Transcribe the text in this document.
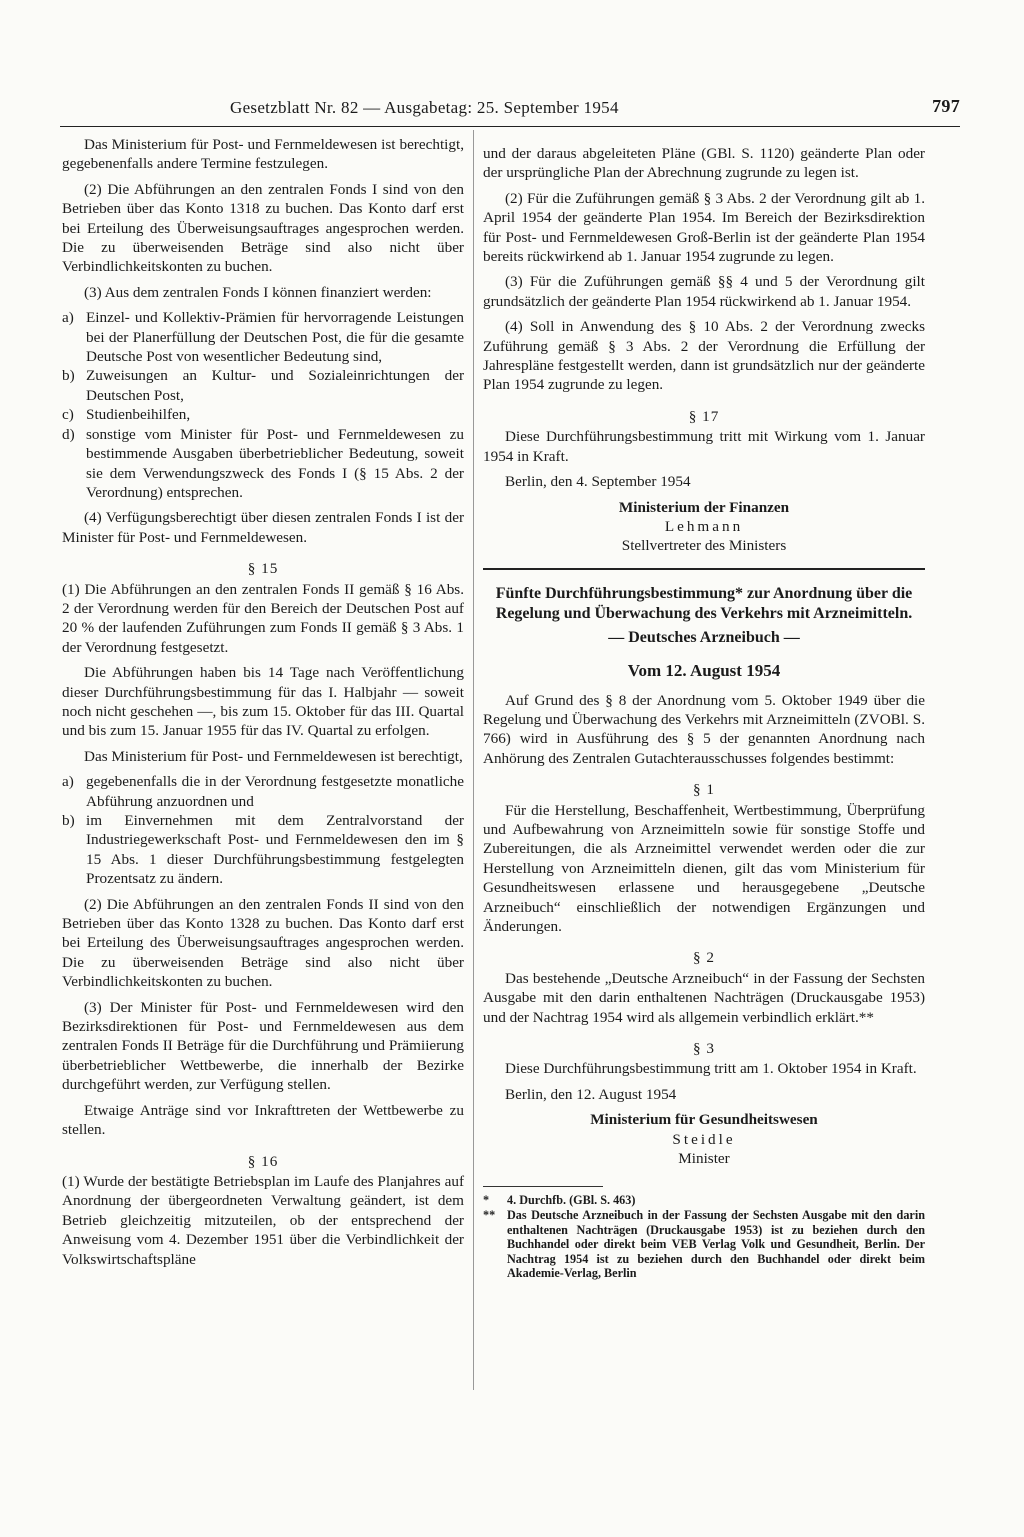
Gesetzblatt Nr. 82 — Ausgabetag: 25. September 1954	797

Das Ministerium für Post- und Fernmeldewesen ist berechtigt, gegebenenfalls andere Termine festzulegen.

(2) Die Abführungen an den zentralen Fonds I sind von den Betrieben über das Konto 1318 zu buchen. Das Konto darf erst bei Erteilung des Überweisungsauftrages angesprochen werden. Die zu überweisenden Beträge sind also nicht über Verbindlichkeitskonten zu buchen.

(3) Aus dem zentralen Fonds I können finanziert werden:

a) Einzel- und Kollektiv-Prämien für hervorragende Leistungen bei der Planerfüllung der Deutschen Post, die für die gesamte Deutsche Post von wesentlicher Bedeutung sind,
b) Zuweisungen an Kultur- und Sozialeinrichtungen der Deutschen Post,
c) Studienbeihilfen,
d) sonstige vom Minister für Post- und Fernmeldewesen zu bestimmende Ausgaben überbetrieblicher Bedeutung, soweit sie dem Verwendungszweck des Fonds I (§ 15 Abs. 2 der Verordnung) entsprechen.

(4) Verfügungsberechtigt über diesen zentralen Fonds I ist der Minister für Post- und Fernmeldewesen.

§ 15

(1) Die Abführungen an den zentralen Fonds II gemäß § 16 Abs. 2 der Verordnung werden für den Bereich der Deutschen Post auf 20 % der laufenden Zuführungen zum Fonds II gemäß § 3 Abs. 1 der Verordnung festgesetzt.

Die Abführungen haben bis 14 Tage nach Veröffentlichung dieser Durchführungsbestimmung für das I. Halbjahr — soweit noch nicht geschehen —, bis zum 15. Oktober für das III. Quartal und bis zum 15. Januar 1955 für das IV. Quartal zu erfolgen.

Das Ministerium für Post- und Fernmeldewesen ist berechtigt,

a) gegebenenfalls die in der Verordnung festgesetzte monatliche Abführung anzuordnen und
b) im Einvernehmen mit dem Zentralvorstand der Industriegewerkschaft Post- und Fernmeldewesen den im § 15 Abs. 1 dieser Durchführungsbestimmung festgelegten Prozentsatz zu ändern.

(2) Die Abführungen an den zentralen Fonds II sind von den Betrieben über das Konto 1328 zu buchen. Das Konto darf erst bei Erteilung des Überweisungsauftrages angesprochen werden. Die zu überweisenden Beträge sind also nicht über Verbindlichkeitskonten zu buchen.

(3) Der Minister für Post- und Fernmeldewesen wird den Bezirksdirektionen für Post- und Fernmeldewesen aus dem zentralen Fonds II Beträge für die Durchführung und Prämiierung überbetrieblicher Wettbewerbe, die innerhalb der Bezirke durchgeführt werden, zur Verfügung stellen.

Etwaige Anträge sind vor Inkrafttreten der Wettbewerbe zu stellen.

§ 16

(1) Wurde der bestätigte Betriebsplan im Laufe des Planjahres auf Anordnung der übergeordneten Verwaltung geändert, ist dem Betrieb gleichzeitig mitzuteilen, ob der entsprechend der Anweisung vom 4. Dezember 1951 über die Verbindlichkeit der Volkswirtschaftspläne

und der daraus abgeleiteten Pläne (GBl. S. 1120) geänderte Plan oder der ursprüngliche Plan der Abrechnung zugrunde zu legen ist.

(2) Für die Zuführungen gemäß § 3 Abs. 2 der Verordnung gilt ab 1. April 1954 der geänderte Plan 1954. Im Bereich der Bezirksdirektion für Post- und Fernmeldewesen Groß-Berlin ist der geänderte Plan 1954 bereits rückwirkend ab 1. Januar 1954 zugrunde zu legen.

(3) Für die Zuführungen gemäß §§ 4 und 5 der Verordnung gilt grundsätzlich der geänderte Plan 1954 rückwirkend ab 1. Januar 1954.

(4) Soll in Anwendung des § 10 Abs. 2 der Verordnung zwecks Zuführung gemäß § 3 Abs. 2 der Verordnung die Erfüllung der Jahrespläne festgestellt werden, dann ist grundsätzlich nur der geänderte Plan 1954 zugrunde zu legen.

§ 17

Diese Durchführungsbestimmung tritt mit Wirkung vom 1. Januar 1954 in Kraft.

Berlin, den 4. September 1954

Ministerium der Finanzen

Lehmann

Stellvertreter des Ministers

Fünfte Durchführungsbestimmung* zur Anordnung über die Regelung und Überwachung des Verkehrs mit Arzneimitteln.

— Deutsches Arzneibuch —

Vom 12. August 1954

Auf Grund des § 8 der Anordnung vom 5. Oktober 1949 über die Regelung und Überwachung des Verkehrs mit Arzneimitteln (ZVOBl. S. 766) wird in Ausführung des § 5 der genannten Anordnung nach Anhörung des Zentralen Gutachterausschusses folgendes bestimmt:

§ 1

Für die Herstellung, Beschaffenheit, Wertbestimmung, Überprüfung und Aufbewahrung von Arzneimitteln sowie für sonstige Stoffe und Zubereitungen, die als Arzneimittel verwendet werden oder die zur Herstellung von Arzneimitteln dienen, gilt das vom Ministerium für Gesundheitswesen erlassene und herausgegebene „Deutsche Arzneibuch“ einschließlich der notwendigen Ergänzungen und Änderungen.

§ 2

Das bestehende „Deutsche Arzneibuch“ in der Fassung der Sechsten Ausgabe mit den darin enthaltenen Nachträgen (Druckausgabe 1953) und der Nachtrag 1954 wird als allgemein verbindlich erklärt.**

§ 3

Diese Durchführungsbestimmung tritt am 1. Oktober 1954 in Kraft.

Berlin, den 12. August 1954

Ministerium für Gesundheitswesen

Steidle

Minister

* 4. Durchfb. (GBl. S. 463)
** Das Deutsche Arzneibuch in der Fassung der Sechsten Ausgabe mit den darin enthaltenen Nachträgen (Druckausgabe 1953) ist zu beziehen durch den Buchhandel oder direkt beim VEB Verlag Volk und Gesundheit, Berlin. Der Nachtrag 1954 ist zu beziehen durch den Buchhandel oder direkt beim Akademie-Verlag, Berlin
